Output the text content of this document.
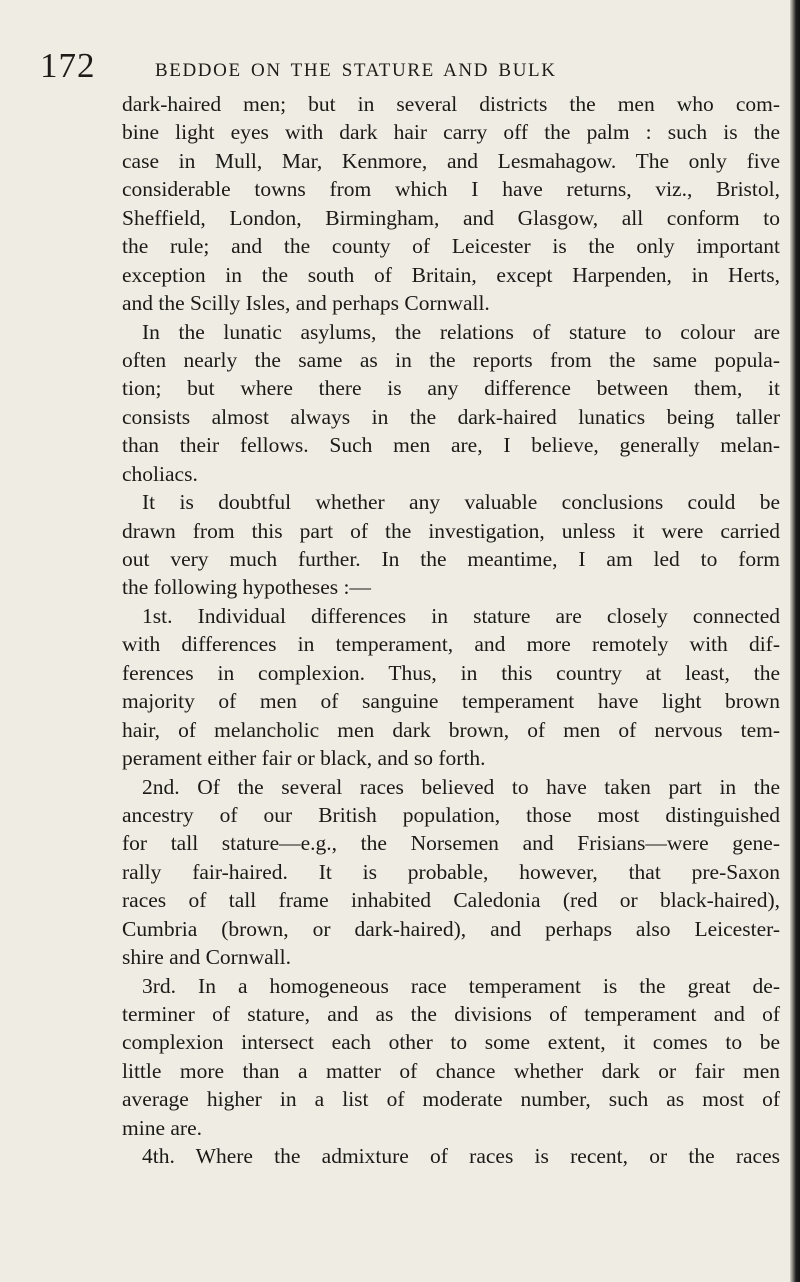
172	BEDDOE ON THE STATURE AND BULK
dark-haired men; but in several districts the men who com-
bine light eyes with dark hair carry off the palm : such is the
case in Mull, Mar, Kenmore, and Lesmahagow. The only five
considerable towns from which I have returns, viz., Bristol,
Sheffield, London, Birmingham, and Glasgow, all conform to
the rule; and the county of Leicester is the only important
exception in the south of Britain, except Harpenden, in Herts,
and the Scilly Isles, and perhaps Cornwall.
In the lunatic asylums, the relations of stature to colour are
often nearly the same as in the reports from the same popula-
tion; but where there is any difference between them, it
consists almost always in the dark-haired lunatics being taller
than their fellows. Such men are, I believe, generally melan-
choliacs.
It is doubtful whether any valuable conclusions could be
drawn from this part of the investigation, unless it were carried
out very much further. In the meantime, I am led to form
the following hypotheses :—
1st. Individual differences in stature are closely connected
with differences in temperament, and more remotely with dif-
ferences in complexion. Thus, in this country at least, the
majority of men of sanguine temperament have light brown
hair, of melancholic men dark brown, of men of nervous tem-
perament either fair or black, and so forth.
2nd. Of the several races believed to have taken part in the
ancestry of our British population, those most distinguished
for tall stature—e.g., the Norsemen and Frisians—were gene-
rally fair-haired. It is probable, however, that pre-Saxon
races of tall frame inhabited Caledonia (red or black-haired),
Cumbria (brown, or dark-haired), and perhaps also Leicester-
shire and Cornwall.
3rd. In a homogeneous race temperament is the great de-
terminer of stature, and as the divisions of temperament and of
complexion intersect each other to some extent, it comes to be
little more than a matter of chance whether dark or fair men
average higher in a list of moderate number, such as most of
mine are.
4th. Where the admixture of races is recent, or the races
